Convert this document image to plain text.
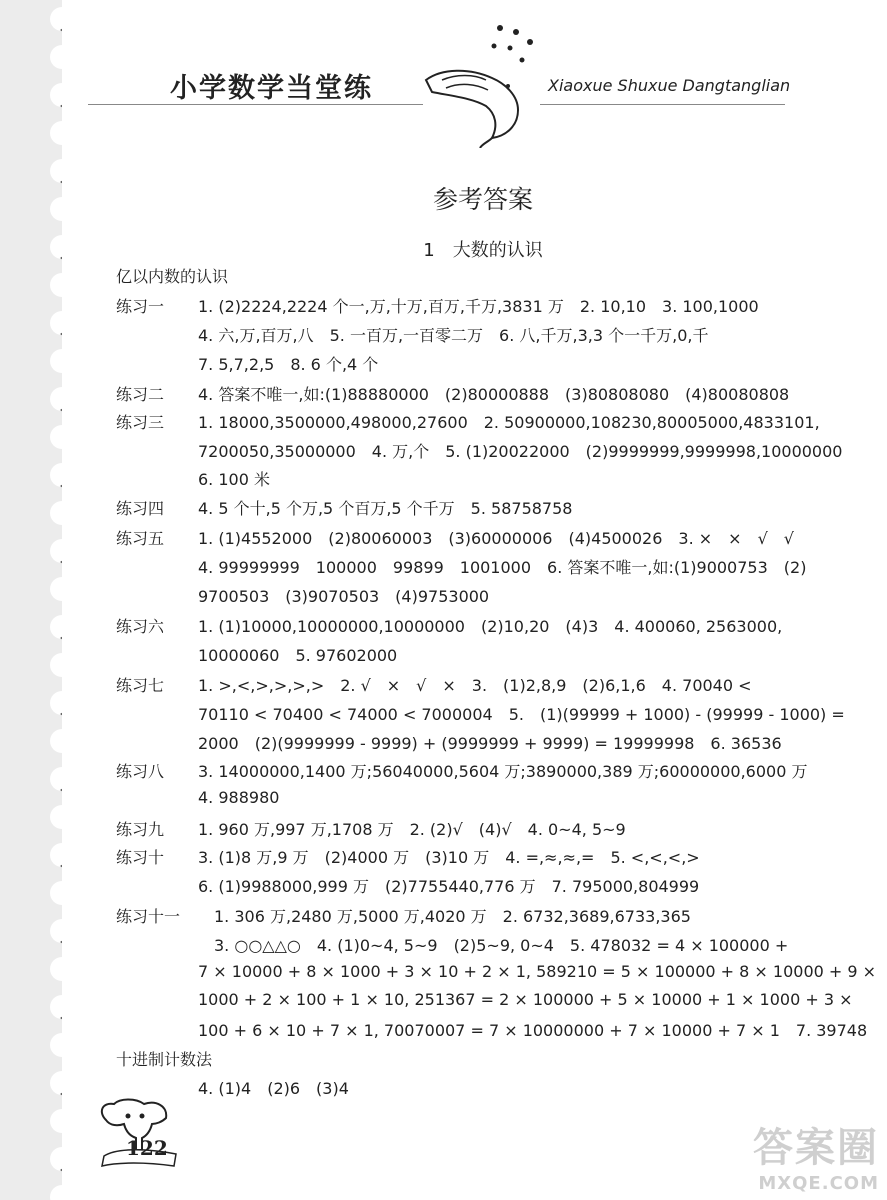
小学数学当堂练	Xiaoxue Shuxue Dangtanglian
参考答案
1　大数的认识
亿以内数的认识
练习一 1. (2)2224,2224 个一,万,十万,百万,千万,3831 万　2. 10,10　3. 100,1000
4. 六,万,百万,八　5. 一百万,一百零二万　6. 八,千万,3,3 个一千万,0,千
7. 5,7,2,5　8. 6 个,4 个
练习二 4. 答案不唯一,如:(1)88880000　(2)80000888　(3)80808080　(4)80080808
练习三 1. 18000,3500000,498000,27600　2. 50900000,108230,80005000,4833101,
7200050,35000000　4. 万,个　5. (1)20022000　(2)9999999,9999998,10000000
6. 100 米
练习四 4. 5 个十,5 个万,5 个百万,5 个千万　5. 58758758
练习五 1. (1)4552000　(2)80060003　(3)60000006　(4)4500026　3. ×　×　√　√
4. 99999999　100000　99899　1001000　6. 答案不唯一,如:(1)9000753　(2)
9700503　(3)9070503　(4)9753000
练习六 1. (1)10000,10000000,10000000　(2)10,20　(4)3　4. 400060, 2563000,
10000060　5. 97602000
练习七 1. >,<,>,>,>,>　2. √　×　√　×　3.　(1)2,8,9　(2)6,1,6　4. 70040 <
70110 < 70400 < 74000 < 7000004　5.　(1)(99999 + 1000) - (99999 - 1000) =
2000　(2)(9999999 - 9999) + (9999999 + 9999) = 19999998　6. 36536
练习八 3. 14000000,1400 万;56040000,5604 万;3890000,389 万;60000000,6000 万
4. 988980
练习九 1. 960 万,997 万,1708 万　2. (2)√　(4)√　4. 0~4, 5~9
练习十 3. (1)8 万,9 万　(2)4000 万　(3)10 万　4. =,≈,≈,=　5. <,<,<,>
6. (1)9988000,999 万　(2)7755440,776 万　7. 795000,804999
练习十一 1. 306 万,2480 万,5000 万,4020 万　2. 6732,3689,6733,365
3. ○○△△○　4. (1)0~4, 5~9　(2)5~9, 0~4　5. 478032 = 4 × 100000 +
7 × 10000 + 8 × 1000 + 3 × 10 + 2 × 1, 589210 = 5 × 100000 + 8 × 10000 + 9 ×
1000 + 2 × 100 + 1 × 10, 251367 = 2 × 100000 + 5 × 10000 + 1 × 1000 + 3 ×
100 + 6 × 10 + 7 × 1, 70070007 = 7 × 10000000 + 7 × 10000 + 7 × 1　7. 39748
十进制计数法
4. (1)4　(2)6　(3)4
122	答案圈
MXQE.COM
